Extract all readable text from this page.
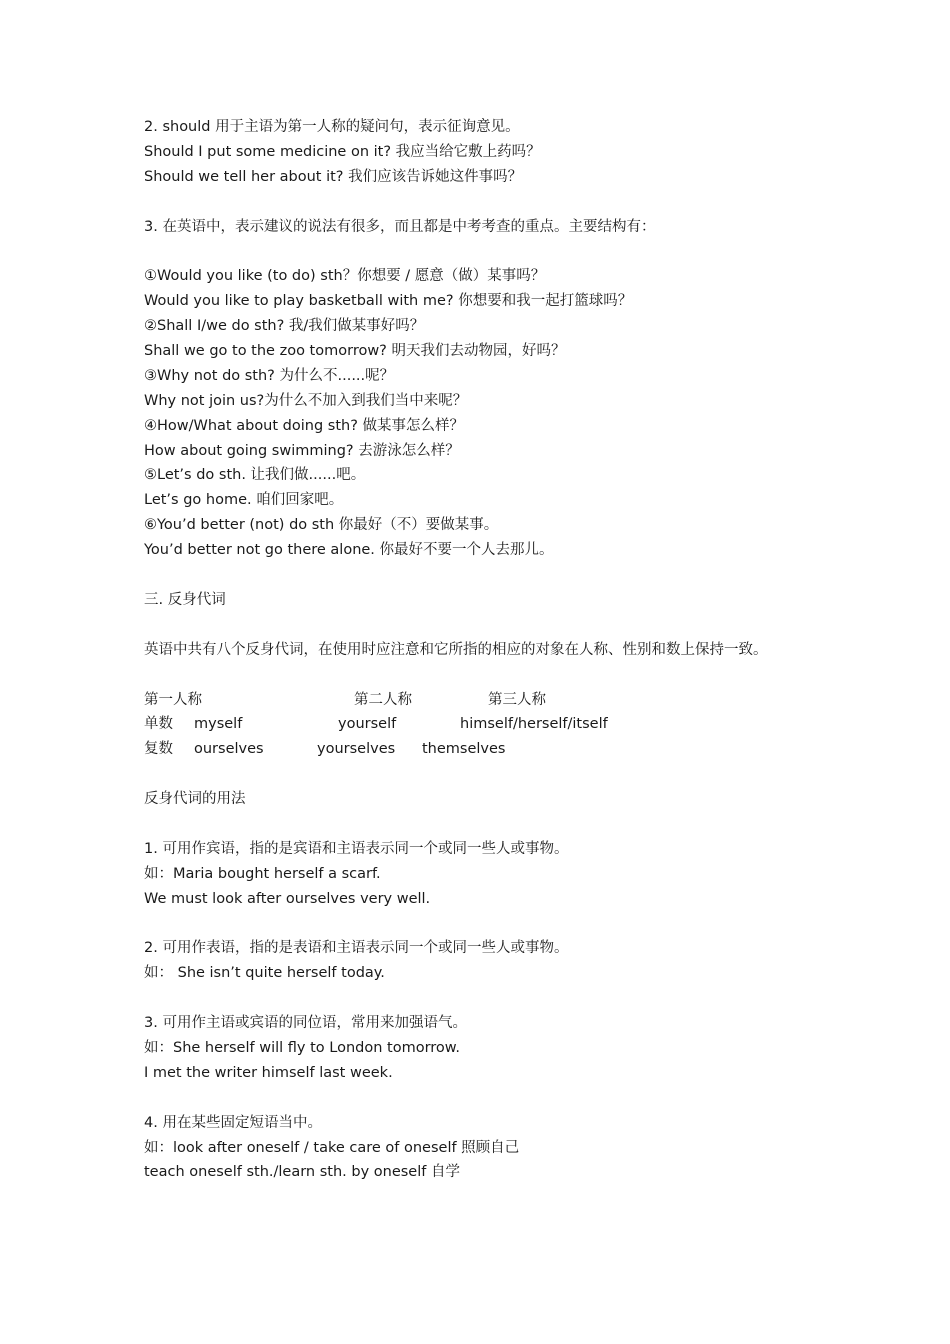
2. should 用于主语为第一人称的疑问句，表示征询意见。
Should I put some medicine on it? 我应当给它敷上药吗？
Should we tell her about it? 我们应该告诉她这件事吗？
3. 在英语中，表示建议的说法有很多，而且都是中考考查的重点。主要结构有：
①Would you like (to do) sth？你想要 / 愿意（做）某事吗？
Would you like to play basketball with me? 你想要和我一起打篮球吗？
②Shall I/we do sth? 我/我们做某事好吗？
Shall we go to the zoo tomorrow? 明天我们去动物园，好吗？
③Why not do sth? 为什么不......呢？
Why not join us?为什么不加入到我们当中来呢？
④How/What about doing sth? 做某事怎么样？
How about going swimming? 去游泳怎么样？
⑤Let’s do sth. 让我们做......吧。
Let’s go home. 咱们回家吧。
⑥You’d better (not) do sth 你最好（不）要做某事。
You’d better not go there alone. 你最好不要一个人去那儿。
三. 反身代词
英语中共有八个反身代词，在使用时应注意和它所指的相应的对象在人称、性别和数上保持一致。
第一人称	第二人称	第三人称
单数	myself	yourself	himself/herself/itself
复数	ourselves	yourselves	themselves
反身代词的用法
1. 可用作宾语，指的是宾语和主语表示同一个或同一些人或事物。
如：Maria bought herself a scarf.
We must look after ourselves very well.
2. 可用作表语，指的是表语和主语表示同一个或同一些人或事物。
如： She isn’t quite herself today.
3. 可用作主语或宾语的同位语，常用来加强语气。
如：She herself will fly to London tomorrow.
I met the writer himself last week.
4. 用在某些固定短语当中。
如：look after oneself / take care of oneself 照顾自己
teach oneself sth./learn sth. by oneself 自学
